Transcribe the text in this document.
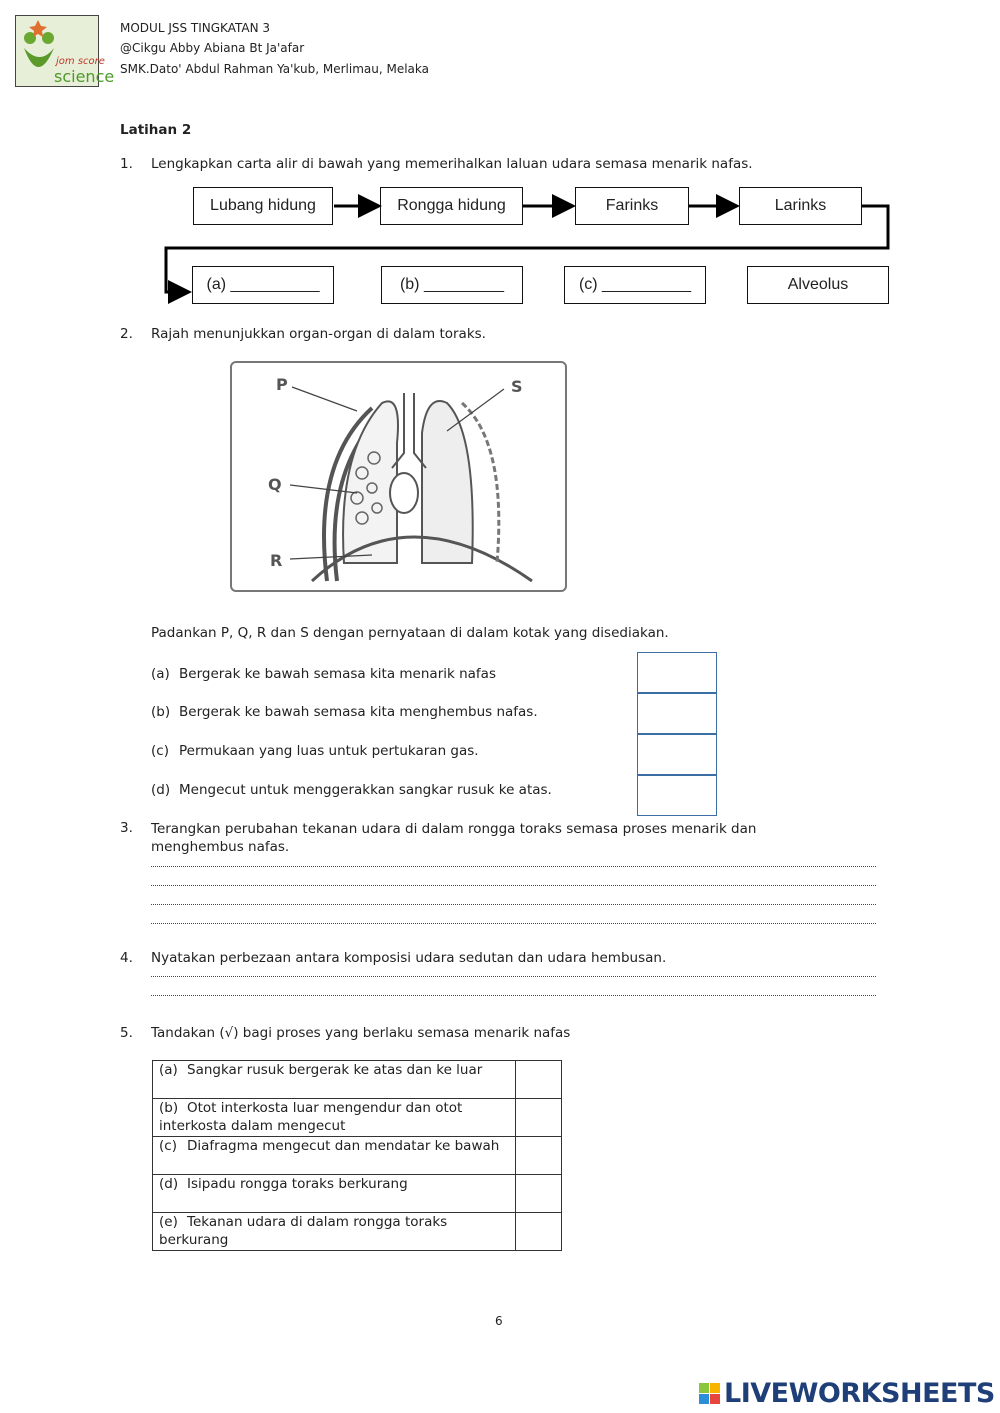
jom score
science
MODUL JSS TINGKATAN 3
@Cikgu Abby Abiana Bt Ja'afar
SMK.Dato' Abdul Rahman Ya'kub, Merlimau, Melaka
Latihan 2
1. Lengkapkan carta alir di bawah yang memerihalkan laluan udara semasa menarik nafas.
Lubang hidung	Rongga hidung	Farinks	Larinks
(a) __________	(b) _________	(c) __________	Alveolus
2. Rajah menunjukkan organ-organ di dalam toraks.
P
Q
R
S
Padankan P, Q, R dan S dengan pernyataan di dalam kotak yang disediakan.
(a) Bergerak ke bawah semasa kita menarik nafas
(b) Bergerak ke bawah semasa kita menghembus nafas.
(c) Permukaan yang luas untuk pertukaran gas.
(d) Mengecut untuk menggerakkan sangkar rusuk ke atas.
3. Terangkan perubahan tekanan udara di dalam rongga toraks semasa proses menarik dan menghembus nafas.
4. Nyatakan perbezaan antara komposisi udara sedutan dan udara hembusan.
5. Tandakan (√) bagi proses yang berlaku semasa menarik nafas
(a) Sangkar rusuk bergerak ke atas dan ke luar	
(b) Otot interkosta luar mengendur dan otot interkosta dalam mengecut	
(c) Diafragma mengecut dan mendatar ke bawah	
(d) Isipadu rongga toraks berkurang	
(e) Tekanan udara di dalam rongga toraks berkurang	
6
LIVEWORKSHEETS
